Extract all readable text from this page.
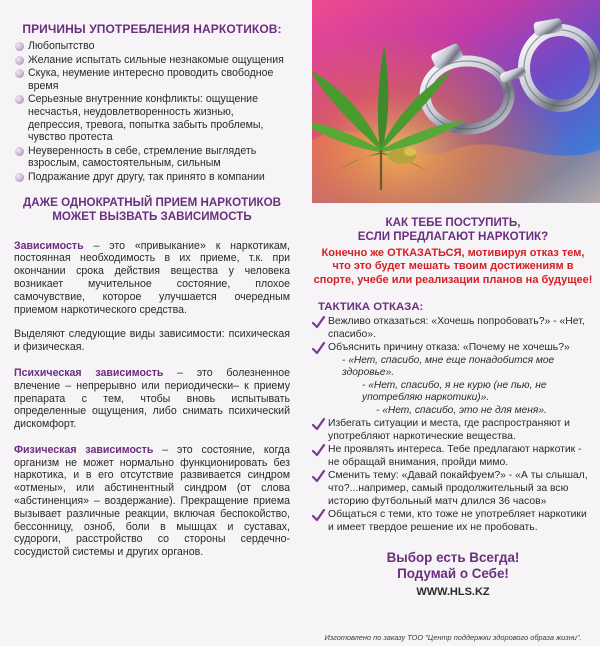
ПРИЧИНЫ УПОТРЕБЛЕНИЯ НАРКОТИКОВ:
Любопытство
Желание испытать сильные незнакомые ощущения
Скука, неумение интересно проводить свободное время
Серьезные внутренние конфликты: ощущение несчастья, неудовлетворенность жизнью, депрессия, тревога, попытка забыть проблемы, чувство протеста
Неуверенность в себе, стремление выглядеть взрослым, самостоятельным, сильным
Подражание друг другу, так принято в компании
ДАЖЕ ОДНОКРАТНЫЙ ПРИЕМ НАРКОТИКОВ МОЖЕТ ВЫЗВАТЬ ЗАВИСИМОСТЬ

Зависимость – это «привыкание» к наркотикам, постоянная необходимость в их приеме, т.к. при окончании срока действия вещества у человека возникает мучительное состояние, плохое самочувствие, которое улучшается очередным приемом наркотического средства.

Выделяют следующие виды зависимости: психическая и физическая.

Психическая зависимость – это болезненное влечение – непрерывно или периодически– к приему препарата с тем, чтобы вновь испытывать определенные ощущения, либо снимать психический дискомфорт.

Физическая зависимость – это состояние, когда организм не может нормально функционировать без наркотика, и в его отсутствие развивается синдром «отмены», или абстинентный синдром (от слова «абстиненция» – воздержание). Прекращение приема вызывает различные реакции, включая беспокойство, бессонницу, озноб, боли в мышцах и суставах, судороги, расстройство со стороны сердечно-сосудистой системы и других органов.

КАК ТЕБЕ ПОСТУПИТЬ,
ЕСЛИ ПРЕДЛАГАЮТ НАРКОТИК?
Конечно же ОТКАЗАТЬСЯ, мотивируя отказ тем, что это будет мешать твоим достижениям в спорте, учебе или реализации планов на будущее!
ТАКТИКА ОТКАЗА:
Вежливо отказаться: «Хочешь попробовать?» - «Нет, спасибо».
Объяснить причину отказа: «Почему не хочешь?»
- «Нет, спасибо, мне еще понадобится мое здоровье».
- «Нет, спасибо, я не курю (не пью, не употребляю наркотики)».
- «Нет, спасибо, это не для меня».
Избегать ситуации и места, где распространяют и употребляют наркотические вещества.
Не проявлять интереса. Тебе предлагают наркотик - не обращай внимания, пройди мимо.
Сменить тему: «Давай покайфуем?» - «А ты слышал, что?...например, самый продолжительный за всю историю футбольный матч длился 36 часов»
Общаться с теми, кто тоже не употребляет наркотики и имеет твердое решение их не пробовать.
Выбор есть Всегда!
Подумай о Себе!
WWW.HLS.KZ
Изготовлено по заказу ТОО "Центр поддержки здорового образа жизни".
